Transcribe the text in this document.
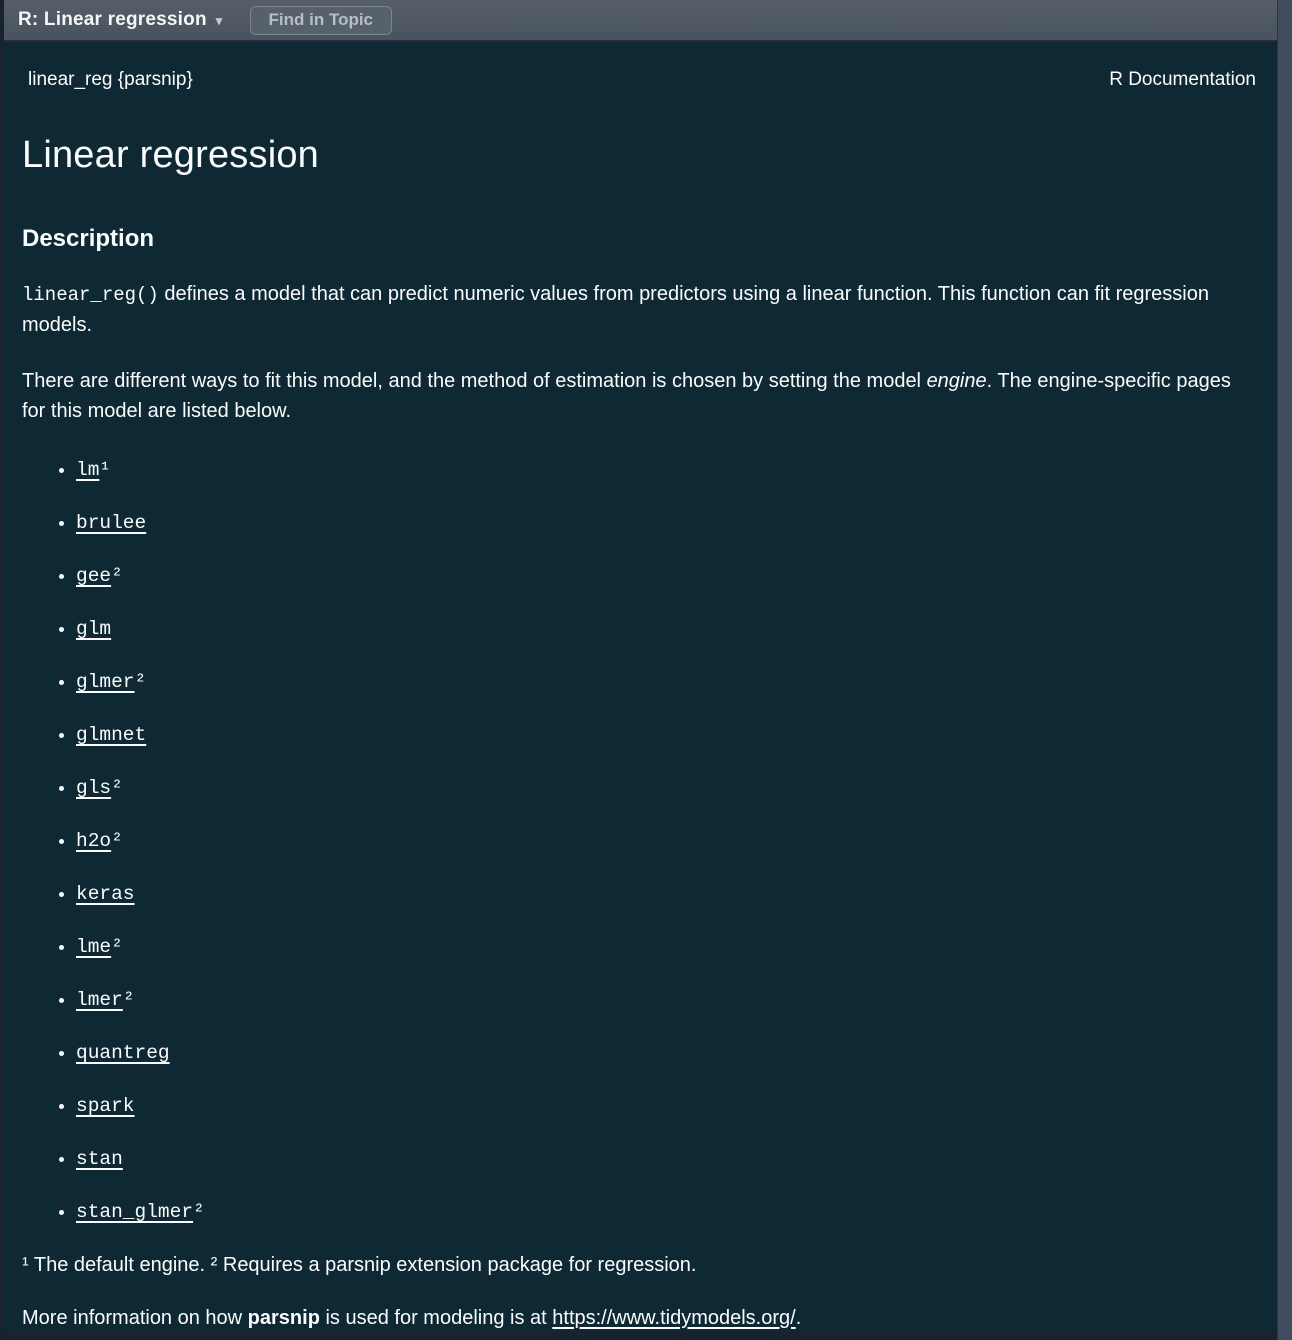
R: Linear regression ▾	Find in Topic
linear_reg {parsnip}	R Documentation
Linear regression
Description

linear_reg() defines a model that can predict numeric values from predictors using a linear function. This function can fit regression models.

There are different ways to fit this model, and the method of estimation is chosen by setting the model engine. The engine-specific pages for this model are listed below.

• lm¹
• brulee
• gee²
• glm
• glmer²
• glmnet
• gls²
• h2o²
• keras
• lme²
• lmer²
• quantreg
• spark
• stan
• stan_glmer²

¹ The default engine. ² Requires a parsnip extension package for regression.

More information on how parsnip is used for modeling is at https://www.tidymodels.org/.
